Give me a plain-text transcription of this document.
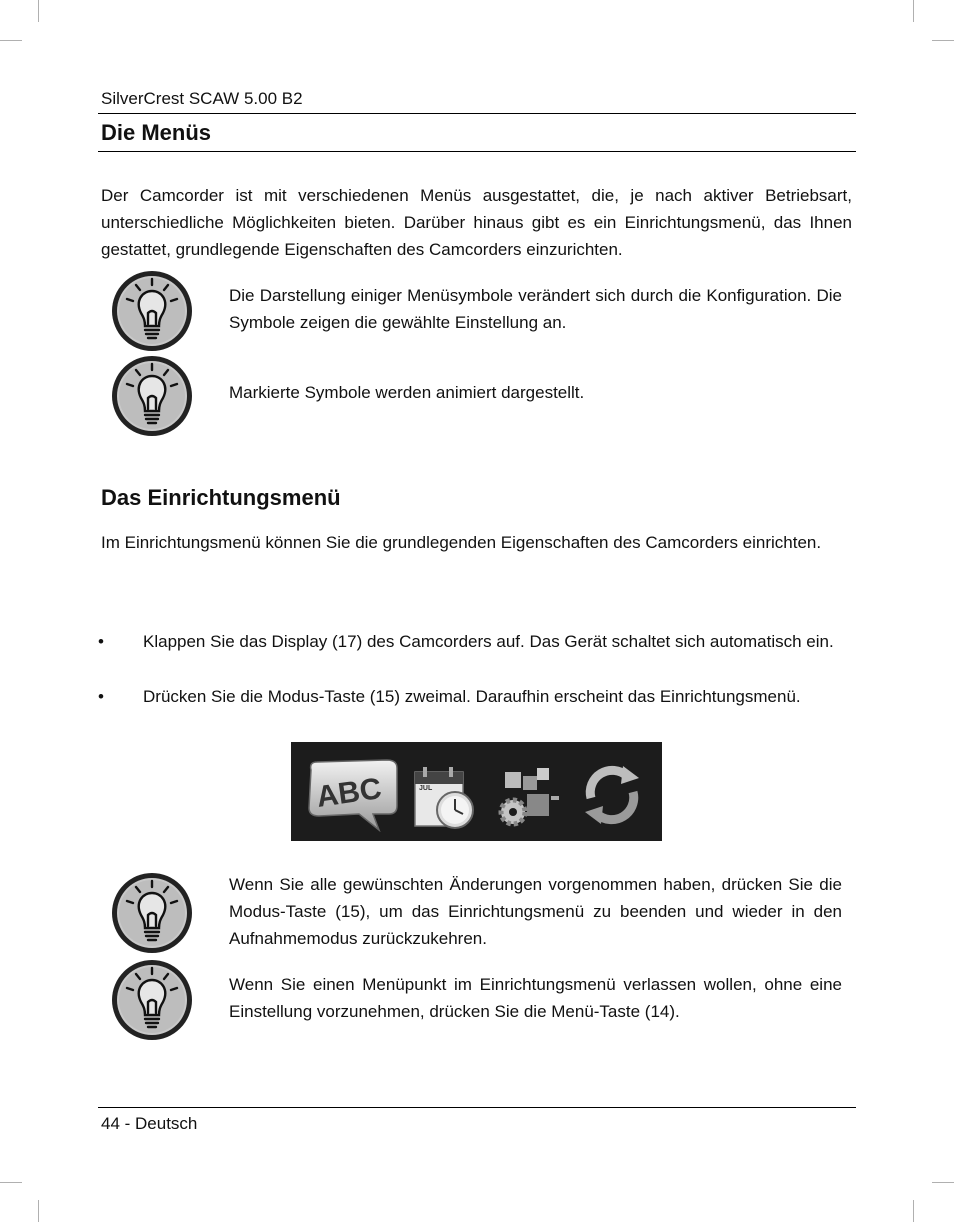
SilverCrest SCAW 5.00 B2
Die Menüs
Der Camcorder ist mit verschiedenen Menüs ausgestattet, die, je nach aktiver Betriebsart, unterschiedliche Möglichkeiten bieten. Darüber hinaus gibt es ein Einrichtungsmenü, das Ihnen gestattet, grundlegende Eigenschaften des Camcorders einzurichten.
Die Darstellung einiger Menüsymbole verändert sich durch die Konfiguration. Die Symbole zeigen die gewählte Einstellung an.
Markierte Symbole werden animiert dargestellt.
Das Einrichtungsmenü
Im Einrichtungsmenü können Sie die grundlegenden Eigenschaften des Camcorders einrichten.
• Klappen Sie das Display (17) des Camcorders auf. Das Gerät schaltet sich automatisch ein.
• Drücken Sie die Modus-Taste (15) zweimal. Daraufhin erscheint das Einrichtungsmenü.
ABC	JUL
Wenn Sie alle gewünschten Änderungen vorgenommen haben, drücken Sie die Modus-Taste (15), um das Einrichtungsmenü zu beenden und wieder in den Aufnahmemodus zurückzukehren.
Wenn Sie einen Menüpunkt im Einrichtungsmenü verlassen wollen, ohne eine Einstellung vorzunehmen, drücken Sie die Menü-Taste (14).
44 - Deutsch
